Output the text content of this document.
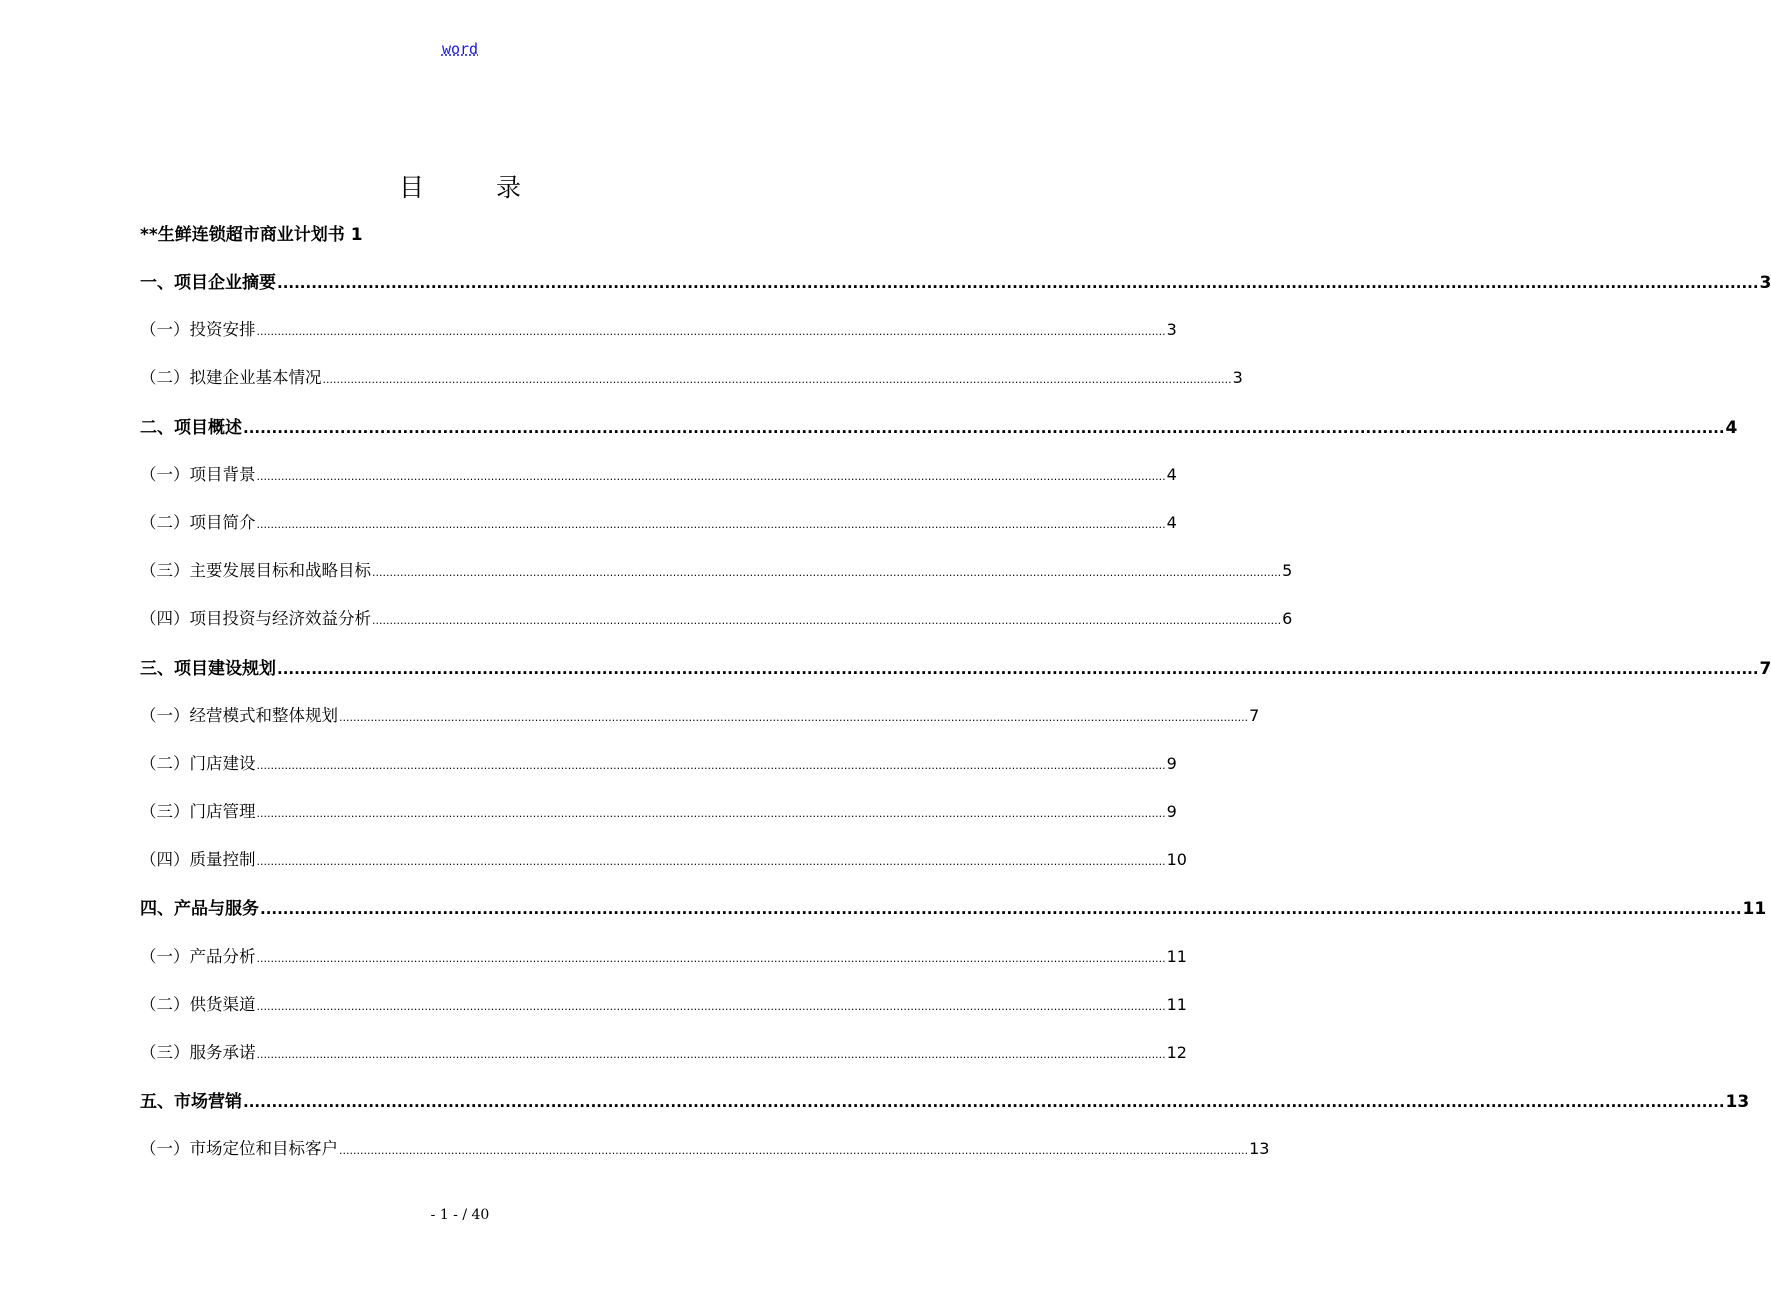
word
目	录
**生鲜连锁超市商业计划书 1
一、项目企业摘要 .................................................................................................................................................................................................................................................................... 3
（一）投资安排 .................................................................................................................................................................................................................................................................... 3
（二）拟建企业基本情况 .................................................................................................................................................................................................................................................................... 3
二、项目概述 .................................................................................................................................................................................................................................................................... 4
（一）项目背景 .................................................................................................................................................................................................................................................................... 4
（二）项目简介 .................................................................................................................................................................................................................................................................... 4
（三）主要发展目标和战略目标 .................................................................................................................................................................................................................................................................... 5
（四）项目投资与经济效益分析 .................................................................................................................................................................................................................................................................... 6
三、项目建设规划 .................................................................................................................................................................................................................................................................... 7
（一）经营模式和整体规划 .................................................................................................................................................................................................................................................................... 7
（二）门店建设 .................................................................................................................................................................................................................................................................... 9
（三）门店管理 .................................................................................................................................................................................................................................................................... 9
（四）质量控制 .................................................................................................................................................................................................................................................................... 10
四、产品与服务 .................................................................................................................................................................................................................................................................... 11
（一）产品分析 .................................................................................................................................................................................................................................................................... 11
（二）供货渠道 .................................................................................................................................................................................................................................................................... 11
（三）服务承诺 .................................................................................................................................................................................................................................................................... 12
五、市场营销 .................................................................................................................................................................................................................................................................... 13
（一）市场定位和目标客户 .................................................................................................................................................................................................................................................................... 13
- 1 - / 40
